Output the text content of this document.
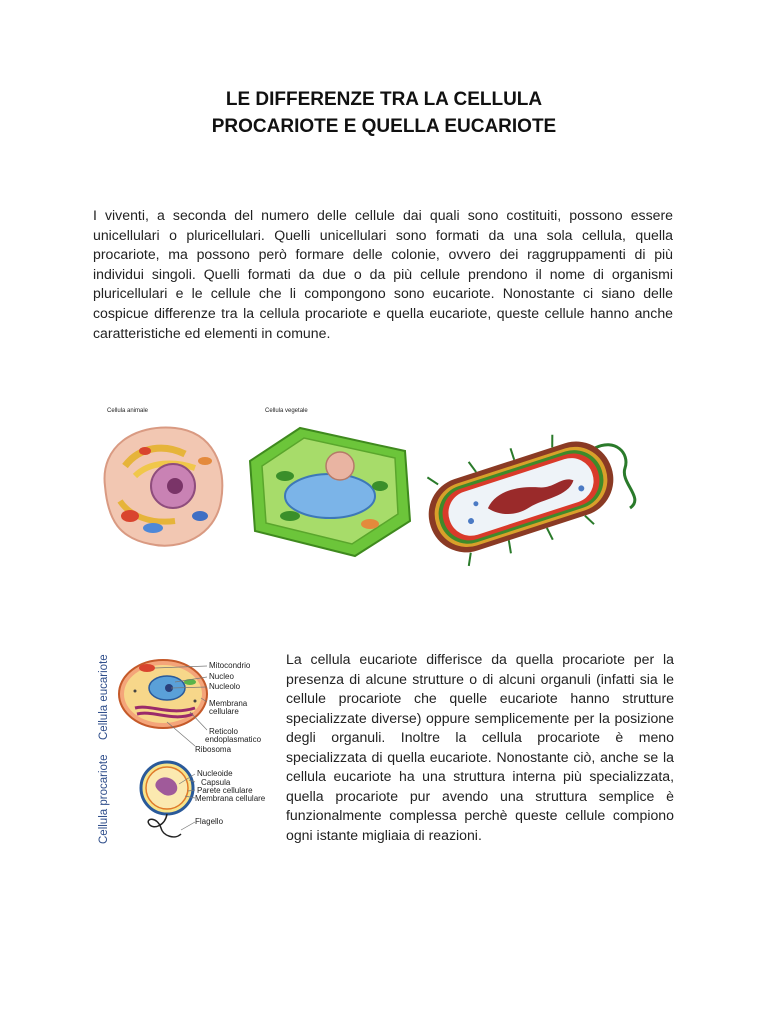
LE DIFFERENZE TRA LA CELLULA
PROCARIOTE E QUELLA EUCARIOTE

I viventi, a seconda del numero delle cellule dai quali sono costituiti, possono essere unicellulari o pluricellulari. Quelli unicellulari sono formati da una sola cellula, quella procariote, ma possono però formare delle colonie, ovvero dei raggruppamenti di più individui singoli. Quelli formati da due o da più cellule prendono il nome di organismi pluricellulari e le cellule che li compongono sono eucariote. Nonostante ci siano delle cospicue differenze tra la cellula procariote e quella eucariote, queste cellule hanno anche caratteristiche ed elementi in comune.

Cellula animale	Cellula vegetale
Cellula procariote
Cellula eucariote	Mitocondrio
Nucleo
Nucleolo
Membrana
cellulare
Reticolo
endoplasmatico
Ribosoma
Nucleoide
Capsula
Parete cellulare
Membrana cellulare
Flagello

La cellula eucariote differisce da quella procariote per la presenza di alcune strutture o di alcuni organuli (infatti sia le cellule procariote che quelle eucariote hanno strutture specializzate diverse) oppure semplicemente per la posizione degli organuli. Inoltre la cellula procariote è meno specializzata di quella eucariote. Nonostante ciò, anche se la cellula eucariote ha una struttura interna più specializzata, quella procariote pur avendo una struttura semplice è funzionalmente complessa perchè queste cellule compiono ogni istante migliaia di reazioni.
